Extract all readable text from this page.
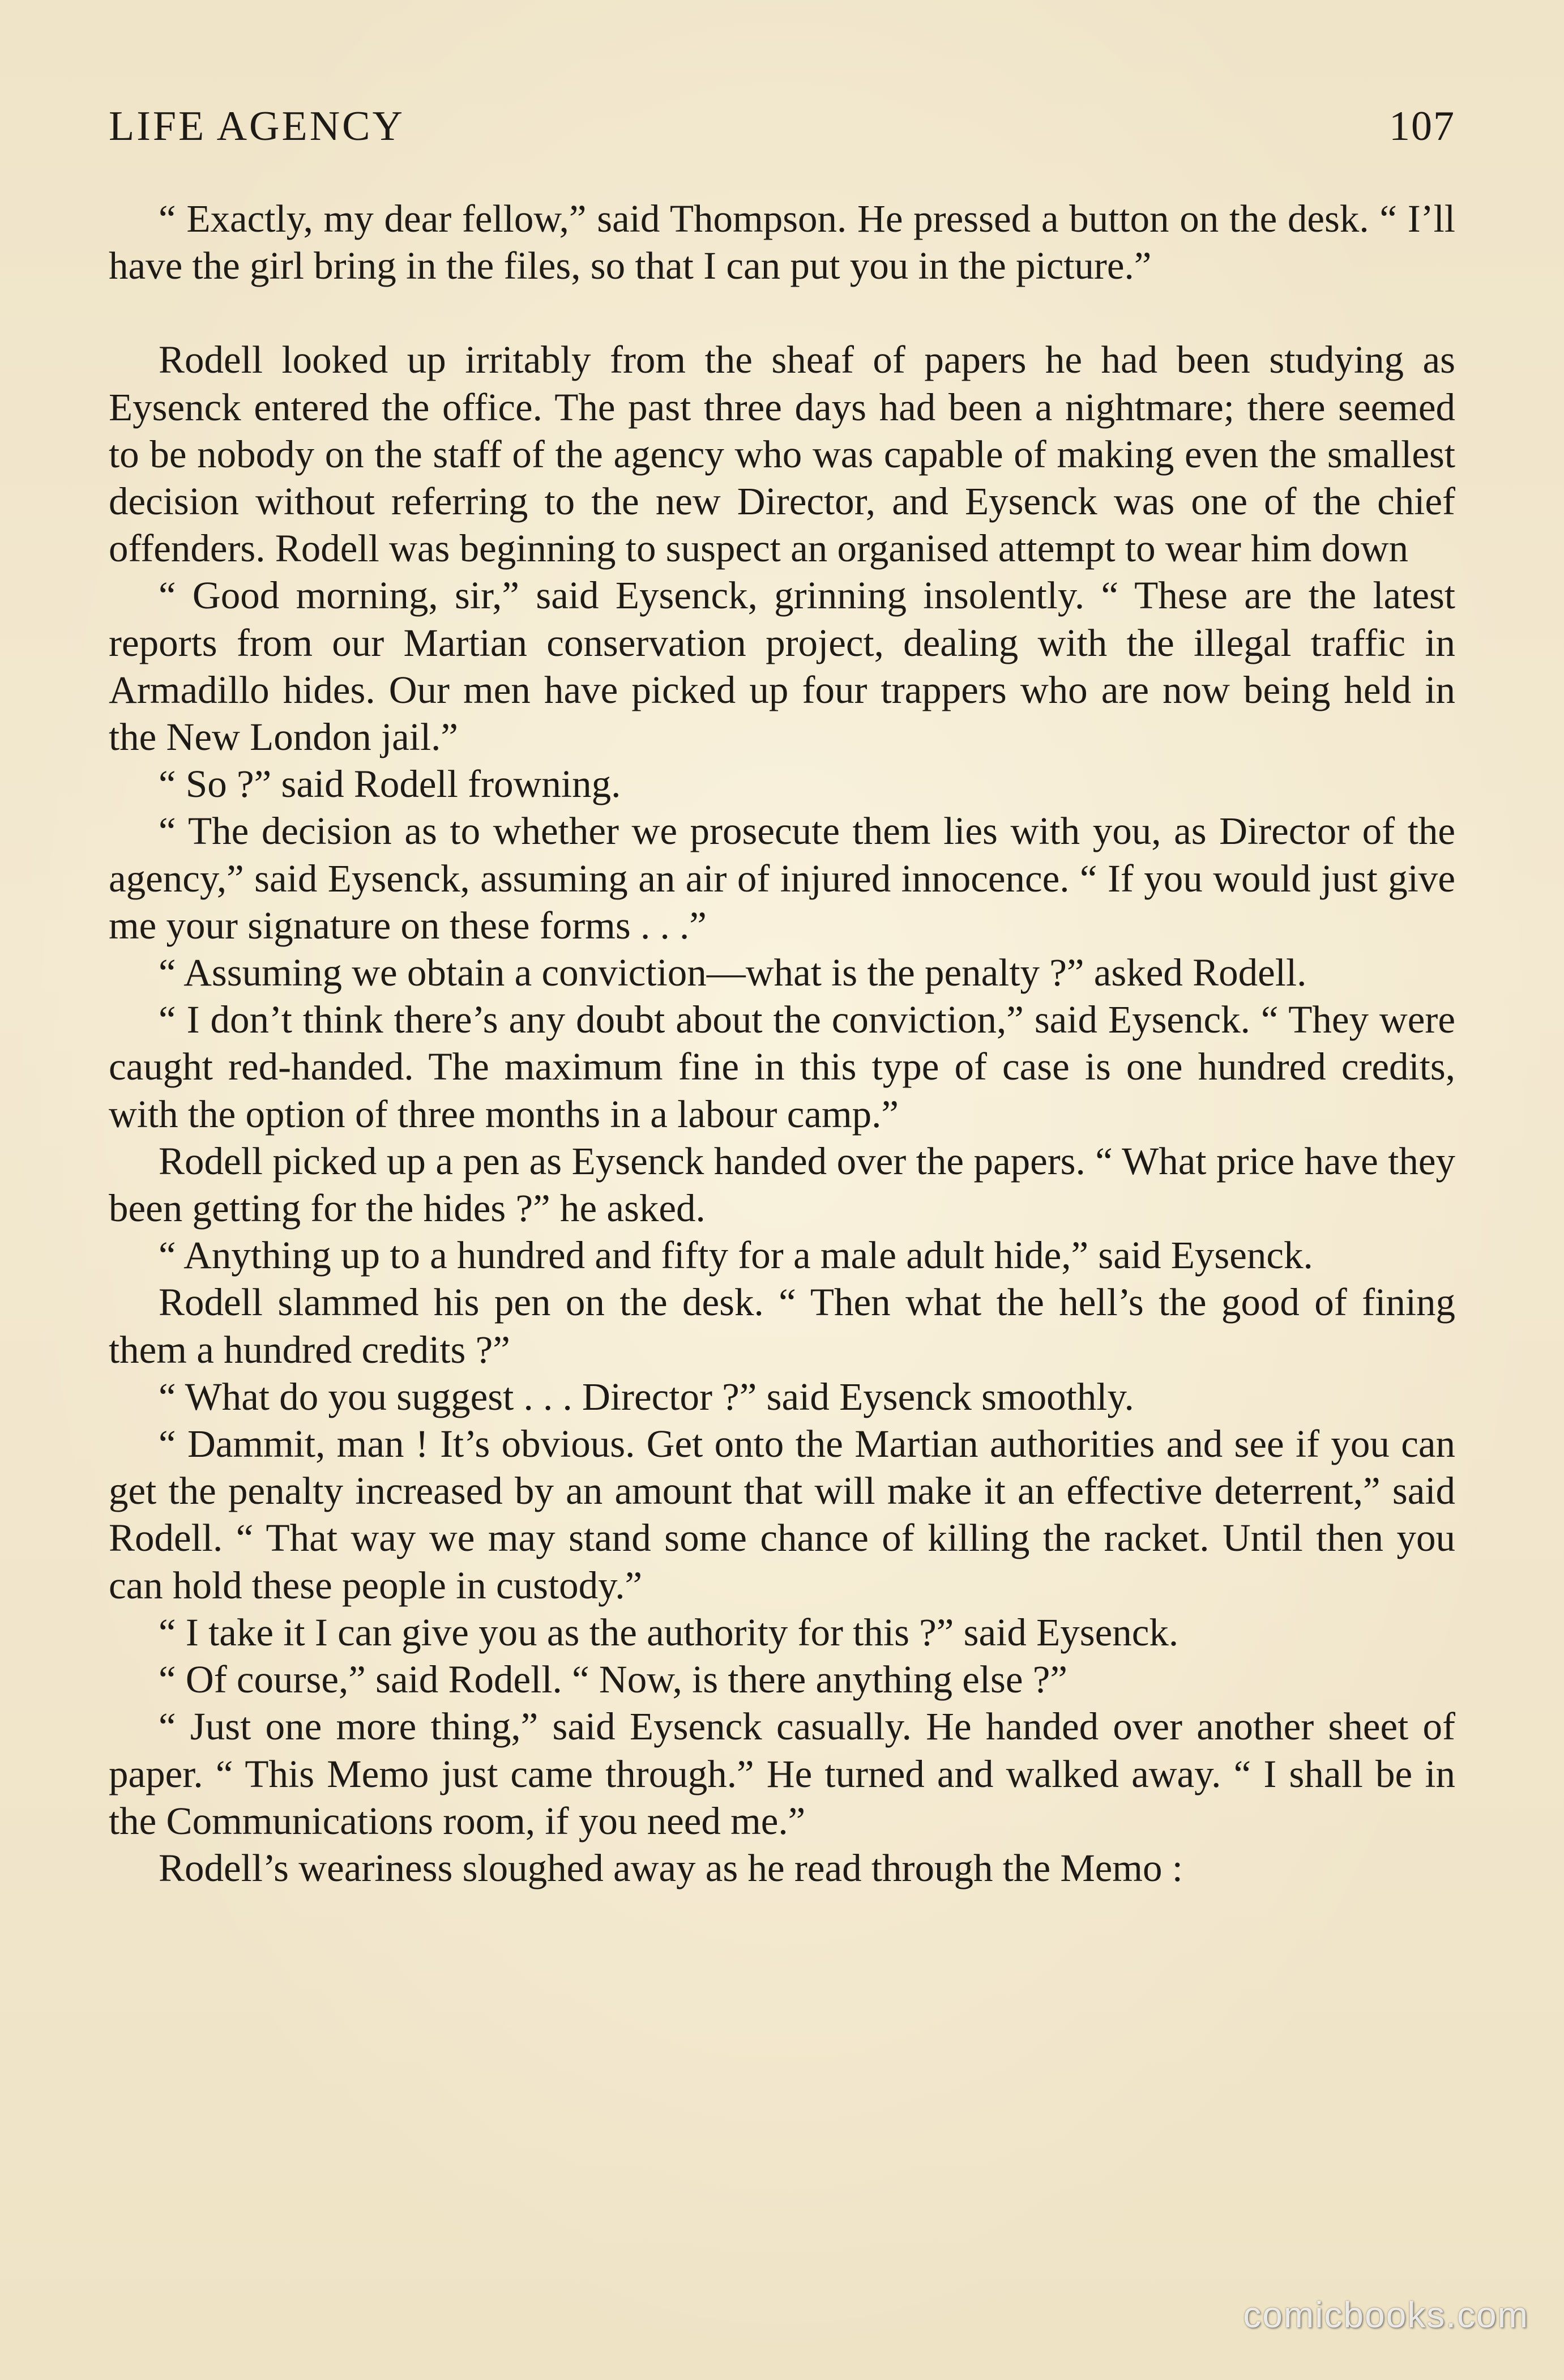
LIFE AGENCY	107

“ Exactly, my dear fellow,” said Thompson. He pressed a button on the desk. “ I’ll have the girl bring in the files, so that I can put you in the picture.”

Rodell looked up irritably from the sheaf of papers he had been studying as Eysenck entered the office. The past three days had been a nightmare; there seemed to be nobody on the staff of the agency who was capable of making even the smallest decision without referring to the new Director, and Eysenck was one of the chief offenders. Rodell was beginning to suspect an organised attempt to wear him down

“ Good morning, sir,” said Eysenck, grinning insolently. “ These are the latest reports from our Martian conservation project, dealing with the illegal traffic in Armadillo hides. Our men have picked up four trappers who are now being held in the New London jail.”

“ So ?” said Rodell frowning.

“ The decision as to whether we prosecute them lies with you, as Director of the agency,” said Eysenck, assuming an air of injured innocence. “ If you would just give me your signature on these forms . . .”

“ Assuming we obtain a conviction—what is the penalty ?” asked Rodell.

“ I don’t think there’s any doubt about the conviction,” said Eysenck. “ They were caught red-handed. The maximum fine in this type of case is one hundred credits, with the option of three months in a labour camp.”

Rodell picked up a pen as Eysenck handed over the papers. “ What price have they been getting for the hides ?” he asked.

“ Anything up to a hundred and fifty for a male adult hide,” said Eysenck.

Rodell slammed his pen on the desk. “ Then what the hell’s the good of fining them a hundred credits ?”

“ What do you suggest . . . Director ?” said Eysenck smoothly.

“ Dammit, man ! It’s obvious. Get onto the Martian authorities and see if you can get the penalty increased by an amount that will make it an effective deterrent,” said Rodell. “ That way we may stand some chance of killing the racket. Until then you can hold these people in custody.”

“ I take it I can give you as the authority for this ?” said Eysenck.

“ Of course,” said Rodell. “ Now, is there anything else ?”

“ Just one more thing,” said Eysenck casually. He handed over another sheet of paper. “ This Memo just came through.” He turned and walked away. “ I shall be in the Communications room, if you need me.”

Rodell’s weariness sloughed away as he read through the Memo :

comicbooks.com
